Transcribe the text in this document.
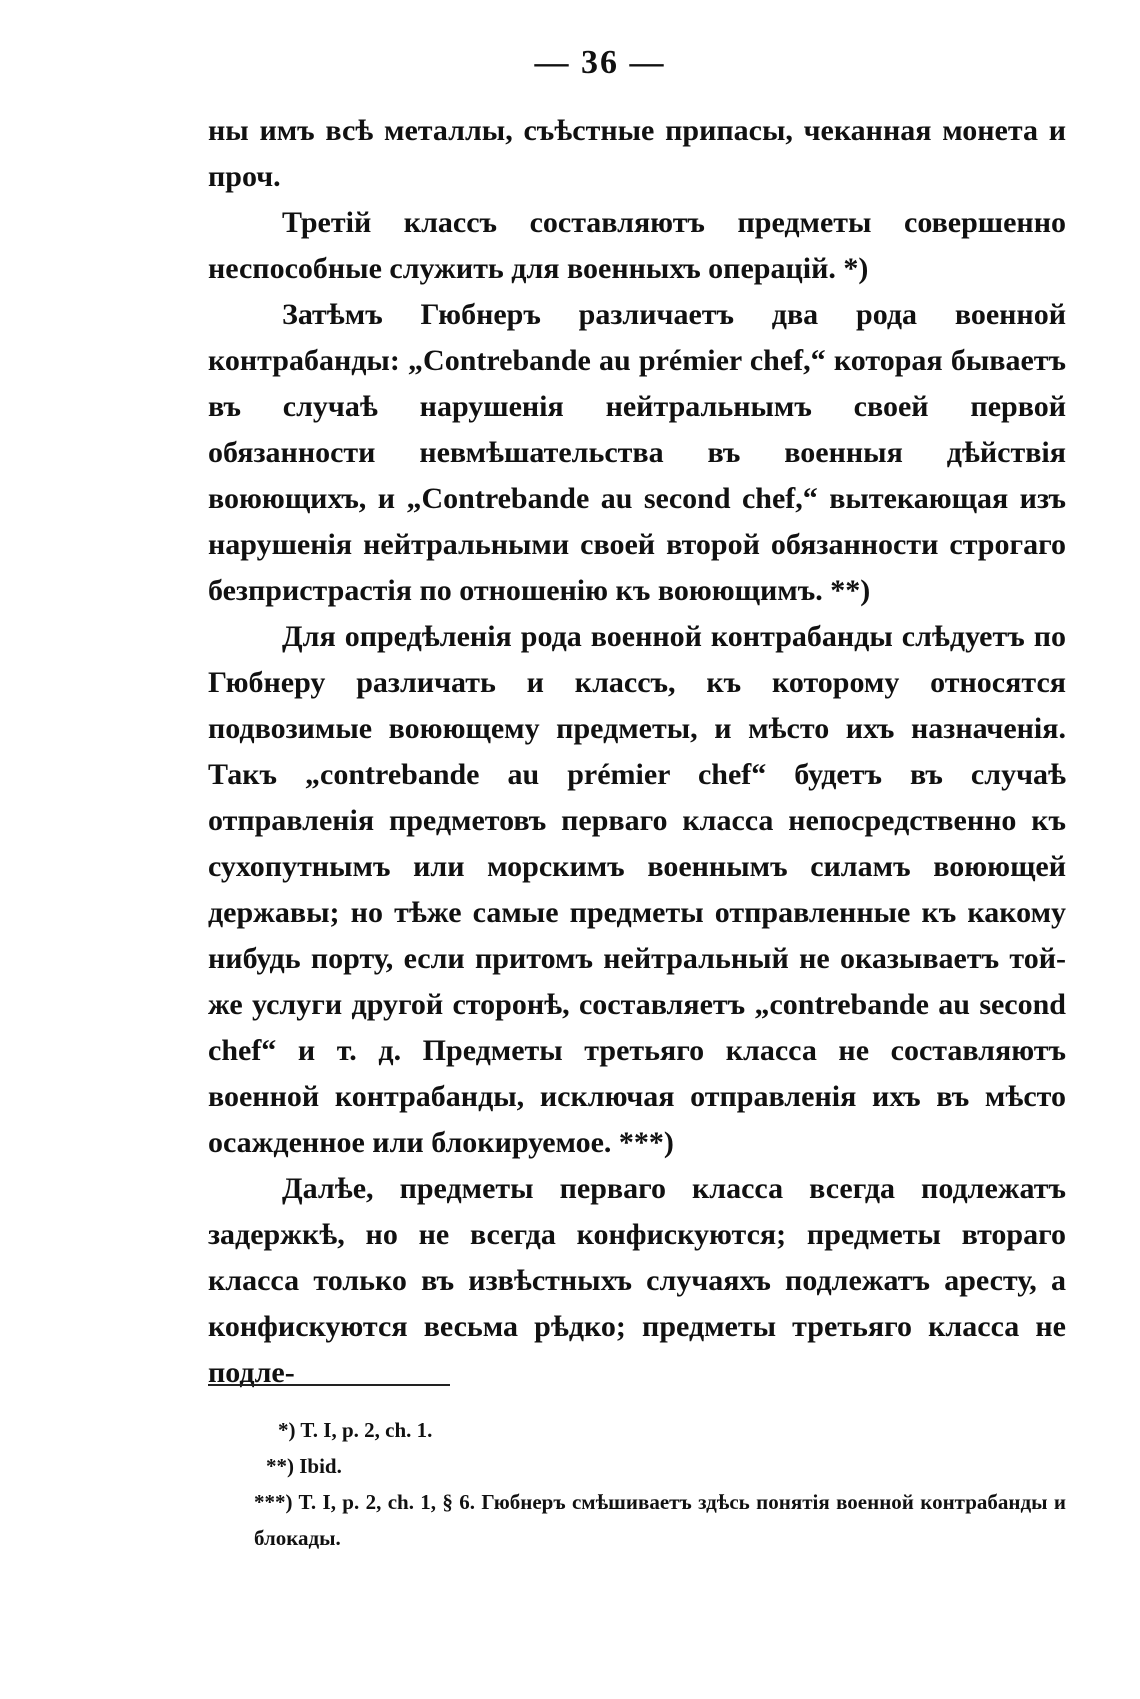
— 36 —

ны имъ всѣ металлы, съѣстные припасы, чеканная монета и проч.

Третій классъ составляютъ предметы совершенно неспособные служить для военныхъ операцій. *)

Затѣмъ Гюбнеръ различаетъ два рода военной контрабанды: „Contrebande au prémier chef,“ которая бываетъ въ случаѣ нарушенія нейтральнымъ своей первой обязанности невмѣшательства въ военныя дѣйствія воюющихъ, и „Contrebande au second chef,“ вытекающая изъ нарушенія нейтральными своей второй обязанности строгаго безпристрастія по отношенію къ воюющимъ. **)

Для опредѣленія рода военной контрабанды слѣдуетъ по Гюбнеру различать и классъ, къ которому относятся подвозимые воюющему предметы, и мѣсто ихъ назначенія. Такъ „contrebande au prémier chef“ будетъ въ случаѣ отправленія предметовъ перваго класса непосредственно къ сухопутнымъ или морскимъ военнымъ силамъ воюющей державы; но тѣже самые предметы отправленные къ какому нибудь порту, если притомъ нейтральный не оказываетъ той-же услуги другой сторонѣ, составляетъ „contrebande au second chef“ и т. д. Предметы третьяго класса не составляютъ военной контрабанды, исключая отправленія ихъ въ мѣсто осажденное или блокируемое. ***)

Далѣе, предметы перваго класса всегда подлежатъ задержкѣ, но не всегда конфискуются; предметы втораго класса только въ извѣстныхъ случаяхъ подлежатъ аресту, а конфискуются весьма рѣдко; предметы третьяго класса не подле-

*) T. I, p. 2, ch. 1.

**) Ibid.

***) T. I, p. 2, ch. 1, § 6. Гюбнеръ смѣшиваетъ здѣсь понятія военной контрабанды и блокады.
